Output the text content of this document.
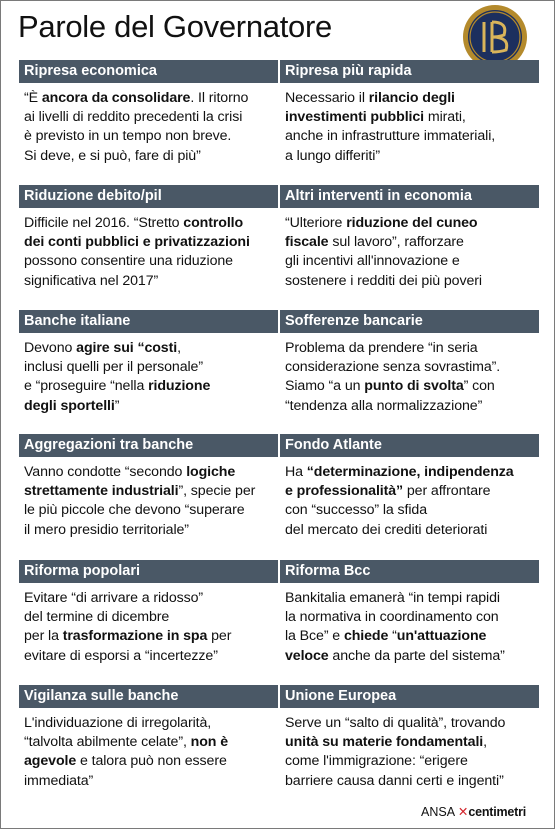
Parole del Governatore
Ripresa economica
“È ancora da consolidare. Il ritorno
ai livelli di reddito precedenti la crisi
è previsto in un tempo non breve.
Si deve, e si può, fare di più”
Ripresa più rapida
Necessario il rilancio degli
investimenti pubblici mirati,
anche in infrastrutture immateriali,
a lungo differiti”
Riduzione debito/pil
Difficile nel 2016. “Stretto controllo
dei conti pubblici e privatizzazioni
possono consentire una riduzione
significativa nel 2017”
Altri interventi in economia
“Ulteriore riduzione del cuneo
fiscale sul lavoro”, rafforzare
gli incentivi all'innovazione e
sostenere i redditi dei più poveri
Banche italiane
Devono agire sui “costi,
inclusi quelli per il personale”
e “proseguire “nella riduzione
degli sportelli”
Sofferenze bancarie
Problema da prendere “in seria
considerazione senza sovrastima”.
Siamo “a un punto di svolta” con
“tendenza alla normalizzazione”
Aggregazioni tra banche
Vanno condotte “secondo logiche
strettamente industriali”, specie per
le più piccole che devono “superare
il mero presidio territoriale”
Fondo Atlante
Ha “determinazione, indipendenza
e professionalità” per affrontare
con “successo” la sfida
del mercato dei crediti deteriorati
Riforma popolari
Evitare “di arrivare a ridosso”
del termine di dicembre
per la trasformazione in spa per
evitare di esporsi a “incertezze”
Riforma Bcc
Bankitalia emanerà “in tempi rapidi
la normativa in coordinamento con
la Bce” e chiede “un'attuazione
veloce anche da parte del sistema”
Vigilanza sulle banche
L'individuazione di irregolarità,
“talvolta abilmente celate”, non è
agevole e talora può non essere
immediata”
Unione Europea
Serve un “salto di qualità”, trovando
unità su materie fondamentali,
come l'immigrazione: “erigere
barriere causa danni certi e ingenti”
ANSA ✕centimetri
